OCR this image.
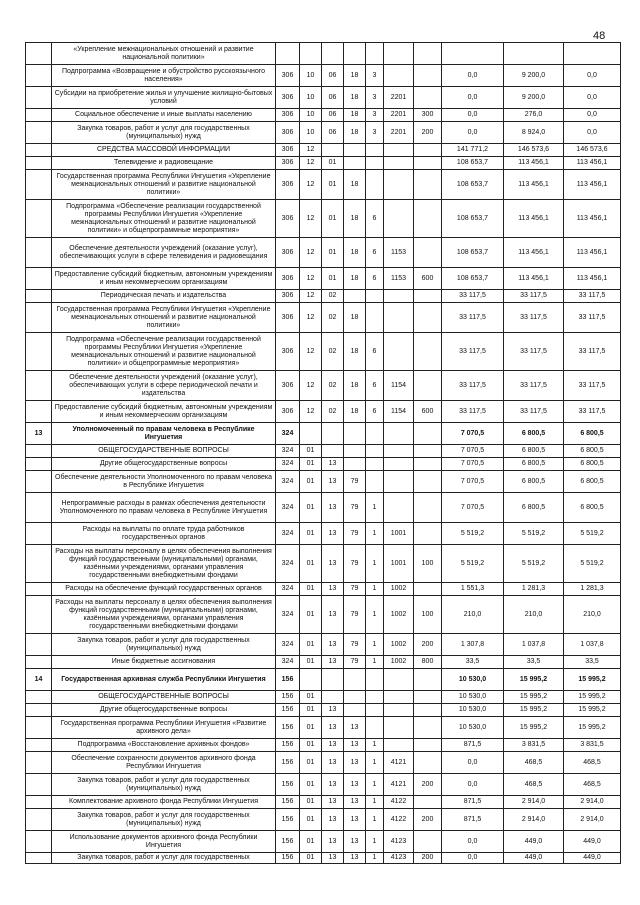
48
	«Укрепление межнациональных отношений и развитие национальной политики»										
	Подпрограмма «Возвращение и обустройство русскоязычного населения»	306	10	06	18	3			0,0	9 200,0	0,0
	Субсидии на приобретение жилья и улучшение жилищно-бытовых условий	306	10	06	18	3	2201		0,0	9 200,0	0,0
	Социальное обеспечение и иные выплаты населению	306	10	06	18	3	2201	300	0,0	276,0	0,0
	Закупка товаров, работ и услуг для государственных (муниципальных) нужд	306	10	06	18	3	2201	200	0,0	8 924,0	0,0
	СРЕДСТВА МАССОВОЙ ИНФОРМАЦИИ	306	12						141 771,2	146 573,6	146 573,6
	Телевидение и радиовещание	306	12	01					108 653,7	113 456,1	113 456,1
	Государственная программа Республики Ингушетия «Укрепление межнациональных отношений и развитие национальной политики»	306	12	01	18				108 653,7	113 456,1	113 456,1
	Подпрограмма «Обеспечение реализации государственной программы Республики Ингушетия «Укрепление межнациональных отношений и развитие национальной политики» и общепрограммные мероприятия»	306	12	01	18	6			108 653,7	113 456,1	113 456,1
	Обеспечение деятельности учреждений (оказание услуг), обеспечивающих услуги в сфере телевидения и радиовещания	306	12	01	18	6	1153		108 653,7	113 456,1	113 456,1
	Предоставление субсидий бюджетным, автономным учреждениям и иным некоммерческим организациям	306	12	01	18	6	1153	600	108 653,7	113 456,1	113 456,1
	Периодическая печать и издательства	306	12	02					33 117,5	33 117,5	33 117,5
	Государственная программа Республики Ингушетия «Укрепление межнациональных отношений и развитие национальной политики»	306	12	02	18				33 117,5	33 117,5	33 117,5
	Подпрограмма «Обеспечение реализации государственной программы Республики Ингушетия «Укрепление межнациональных отношений и развитие национальной политики» и общепрограммные мероприятия»	306	12	02	18	6			33 117,5	33 117,5	33 117,5
	Обеспечение деятельности учреждений (оказание услуг), обеспечивающих услуги в сфере периодической печати и издательства	306	12	02	18	6	1154		33 117,5	33 117,5	33 117,5
	Предоставление субсидий бюджетным, автономным учреждениям и иным некоммерческим организациям	306	12	02	18	6	1154	600	33 117,5	33 117,5	33 117,5
13	Уполномоченный по правам человека в Республике Ингушетия	324							7 070,5	6 800,5	6 800,5
	ОБЩЕГОСУДАРСТВЕННЫЕ ВОПРОСЫ	324	01						7 070,5	6 800,5	6 800,5
	Другие общегосударственные вопросы	324	01	13					7 070,5	6 800,5	6 800,5
	Обеспечение деятельности Уполномоченного по правам человека в Республике Ингушетия	324	01	13	79				7 070,5	6 800,5	6 800,5
	Непрограммные расходы в рамках обеспечения деятельности Уполномоченного по правам человека в Республике Ингушетия	324	01	13	79	1			7 070,5	6 800,5	6 800,5
	Расходы на выплаты по оплате труда работников государственных органов	324	01	13	79	1	1001		5 519,2	5 519,2	5 519,2
	Расходы на выплаты персоналу в целях обеспечения выполнения функций государственными (муниципальными) органами, казёнными учреждениями, органами управления государственными внебюджетными фондами	324	01	13	79	1	1001	100	5 519,2	5 519,2	5 519,2
	Расходы на обеспечение функций государственных органов	324	01	13	79	1	1002		1 551,3	1 281,3	1 281,3
	Расходы на выплаты персоналу в целях обеспечения выполнения функций государственными (муниципальными) органами, казёнными учреждениями, органами управления государственными внебюджетными фондами	324	01	13	79	1	1002	100	210,0	210,0	210,0
	Закупка товаров, работ и услуг для государственных (муниципальных) нужд	324	01	13	79	1	1002	200	1 307,8	1 037,8	1 037,8
	Иные бюджетные ассигнования	324	01	13	79	1	1002	800	33,5	33,5	33,5
14	Государственная архивная служба Республики Ингушетия	156							10 530,0	15 995,2	15 995,2
	ОБЩЕГОСУДАРСТВЕННЫЕ ВОПРОСЫ	156	01						10 530,0	15 995,2	15 995,2
	Другие общегосударственные вопросы	156	01	13					10 530,0	15 995,2	15 995,2
	Государственная программа Республики Ингушетия «Развитие архивного дела»	156	01	13	13				10 530,0	15 995,2	15 995,2
	Подпрограмма «Восстановление архивных фондов»	156	01	13	13	1			871,5	3 831,5	3 831,5
	Обеспечение сохранности документов архивного фонда Республики Ингушетия	156	01	13	13	1	4121		0,0	468,5	468,5
	Закупка товаров, работ и услуг для государственных (муниципальных) нужд	156	01	13	13	1	4121	200	0,0	468,5	468,5
	Комплектование архивного фонда Республики Ингушетия	156	01	13	13	1	4122		871,5	2 914,0	2 914,0
	Закупка товаров, работ и услуг для государственных (муниципальных) нужд	156	01	13	13	1	4122	200	871,5	2 914,0	2 914,0
	Использование документов архивного фонда Республики Ингушетия	156	01	13	13	1	4123		0,0	449,0	449,0
	Закупка товаров, работ и услуг для государственных	156	01	13	13	1	4123	200	0,0	449,0	449,0
